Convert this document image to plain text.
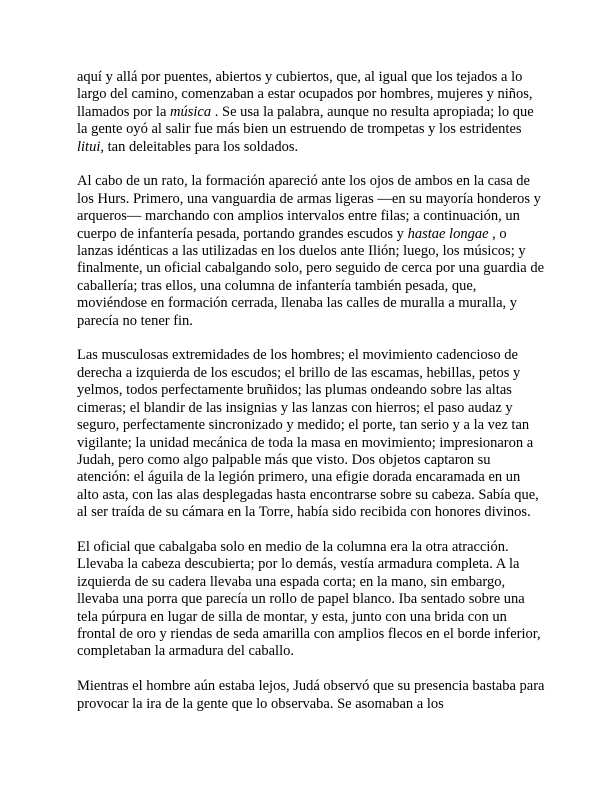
aquí y allá por puentes, abiertos y cubiertos, que, al igual que los tejados a lo largo del camino, comenzaban a estar ocupados por hombres, mujeres y niños, llamados por la música . Se usa la palabra, aunque no resulta apropiada; lo que la gente oyó al salir fue más bien un estruendo de trompetas y los estridentes litui, tan deleitables para los soldados.

Al cabo de un rato, la formación apareció ante los ojos de ambos en la casa de los Hurs. Primero, una vanguardia de armas ligeras —en su mayoría honderos y arqueros— marchando con amplios intervalos entre filas; a continuación, un cuerpo de infantería pesada, portando grandes escudos y hastae longae , o lanzas idénticas a las utilizadas en los duelos ante Ilión; luego, los músicos; y finalmente, un oficial cabalgando solo, pero seguido de cerca por una guardia de caballería; tras ellos, una columna de infantería también pesada, que, moviéndose en formación cerrada, llenaba las calles de muralla a muralla, y parecía no tener fin.

Las musculosas extremidades de los hombres; el movimiento cadencioso de derecha a izquierda de los escudos; el brillo de las escamas, hebillas, petos y yelmos, todos perfectamente bruñidos; las plumas ondeando sobre las altas cimeras; el blandir de las insignias y las lanzas con hierros; el paso audaz y seguro, perfectamente sincronizado y medido; el porte, tan serio y a la vez tan vigilante; la unidad mecánica de toda la masa en movimiento; impresionaron a Judah, pero como algo palpable más que visto. Dos objetos captaron su atención: el águila de la legión primero, una efigie dorada encaramada en un alto asta, con las alas desplegadas hasta encontrarse sobre su cabeza. Sabía que, al ser traída de su cámara en la Torre, había sido recibida con honores divinos.

El oficial que cabalgaba solo en medio de la columna era la otra atracción. Llevaba la cabeza descubierta; por lo demás, vestía armadura completa. A la izquierda de su cadera llevaba una espada corta; en la mano, sin embargo, llevaba una porra que parecía un rollo de papel blanco. Iba sentado sobre una tela púrpura en lugar de silla de montar, y esta, junto con una brida con un frontal de oro y riendas de seda amarilla con amplios flecos en el borde inferior, completaban la armadura del caballo.

Mientras el hombre aún estaba lejos, Judá observó que su presencia bastaba para provocar la ira de la gente que lo observaba. Se asomaban a los
